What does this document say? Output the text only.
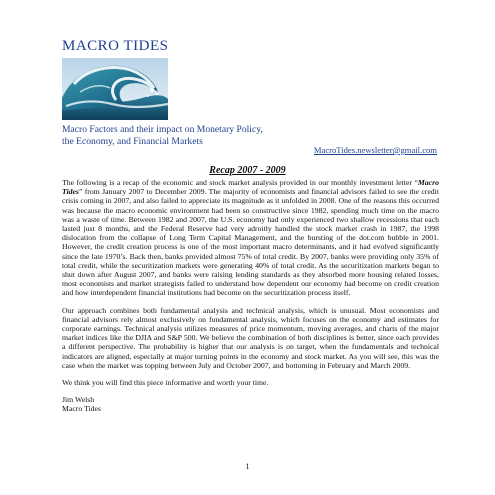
MACRO TIDES
Macro Factors and their impact on Monetary Policy,
the Economy, and Financial Markets
MacroTides.newsletter@gmail.com
Recap 2007 - 2009

The following is a recap of the economic and stock market analysis provided in our monthly investment letter “Macro Tides” from January 2007 to December 2009. The majority of economists and financial advisors failed to see the credit crisis coming in 2007, and also failed to appreciate its magnitude as it unfolded in 2008. One of the reasons this occurred was because the macro economic environment had been so constructive since 1982, spending much time on the macro was a waste of time. Between 1982 and 2007, the U.S. economy had only experienced two shallow recessions that each lasted just 8 months, and the Federal Reserve had very adroitly handled the stock market crash in 1987, the 1998 dislocation from the collapse of Long Term Capital Management, and the bursting of the dot.com bubble in 2001. However, the credit creation process is one of the most important macro determinants, and it had evolved significantly since the late 1970’s. Back then, banks provided almost 75% of total credit. By 2007, banks were providing only 35% of total credit, while the securitization markets were generating 40% of total credit. As the securitization markets began to shut down after August 2007, and banks were raising lending standards as they absorbed more housing related losses, most economists and market strategists failed to understand how dependent our economy had become on credit creation and how interdependent financial institutions had become on the securitization process itself.

Our approach combines both fundamental analysis and technical analysis, which is unusual. Most economists and financial advisors rely almost exclusively on fundamental analysis, which focuses on the economy and estimates for corporate earnings. Technical analysis utilizes measures of price momentum, moving averages, and charts of the major market indices like the DJIA and S&P 500. We believe the combination of both disciplines is better, since each provides a different perspective. The probability is higher that our analysis is on target, when the fundamentals and technical indicators are aligned, especially at major turning points in the economy and stock market. As you will see, this was the case when the market was topping between July and October 2007, and bottoming in February and March 2009.

We think you will find this piece informative and worth your time.

Jim Welsh

Macro Tides

1
